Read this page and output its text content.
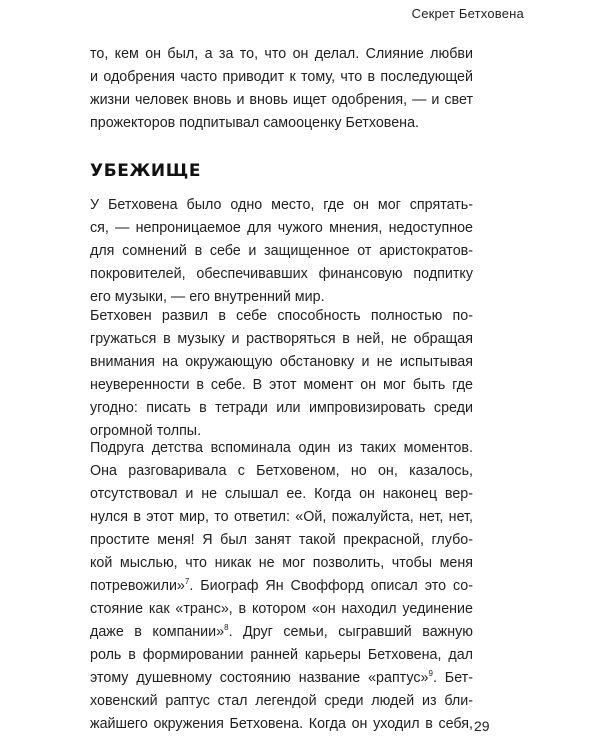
Секрет Бетховена
то, кем он был, а за то, что он делал. Слияние любви
и одобрения часто приводит к тому, что в последующей
жизни человек вновь и вновь ищет одобрения, — и свет
прожекторов подпитывал самооценку Бетховена.
УБЕЖИЩЕ
У Бетховена было одно место, где он мог спрятать-
ся, — непроницаемое для чужого мнения, недоступное
для сомнений в себе и защищенное от аристократов-
покровителей, обеспечивавших финансовую подпитку
его музыки, — его внутренний мир.
Бетховен развил в себе способность полностью по-
гружаться в музыку и растворяться в ней, не обращая
внимания на окружающую обстановку и не испытывая
неуверенности в себе. В этот момент он мог быть где
угодно: писать в тетради или импровизировать среди
огромной толпы.
Подруга детства вспоминала один из таких моментов.
Она разговаривала с Бетховеном, но он, казалось,
отсутствовал и не слышал ее. Когда он наконец вер-
нулся в этот мир, то ответил: «Ой, пожалуйста, нет, нет,
простите меня! Я был занят такой прекрасной, глубо-
кой мыслью, что никак не мог позволить, чтобы меня
потревожили»$^7$. Биограф Ян Своффорд описал это со-
стояние как «транс», в котором «он находил уединение
даже в компании»$^8$. Друг семьи, сыгравший важную
роль в формировании ранней карьеры Бетховена, дал
этому душевному состоянию название «раптус»$^9$. Бет-
ховенский раптус стал легендой среди людей из бли-
жайшего окружения Бетховена. Когда он уходил в себя, 29
